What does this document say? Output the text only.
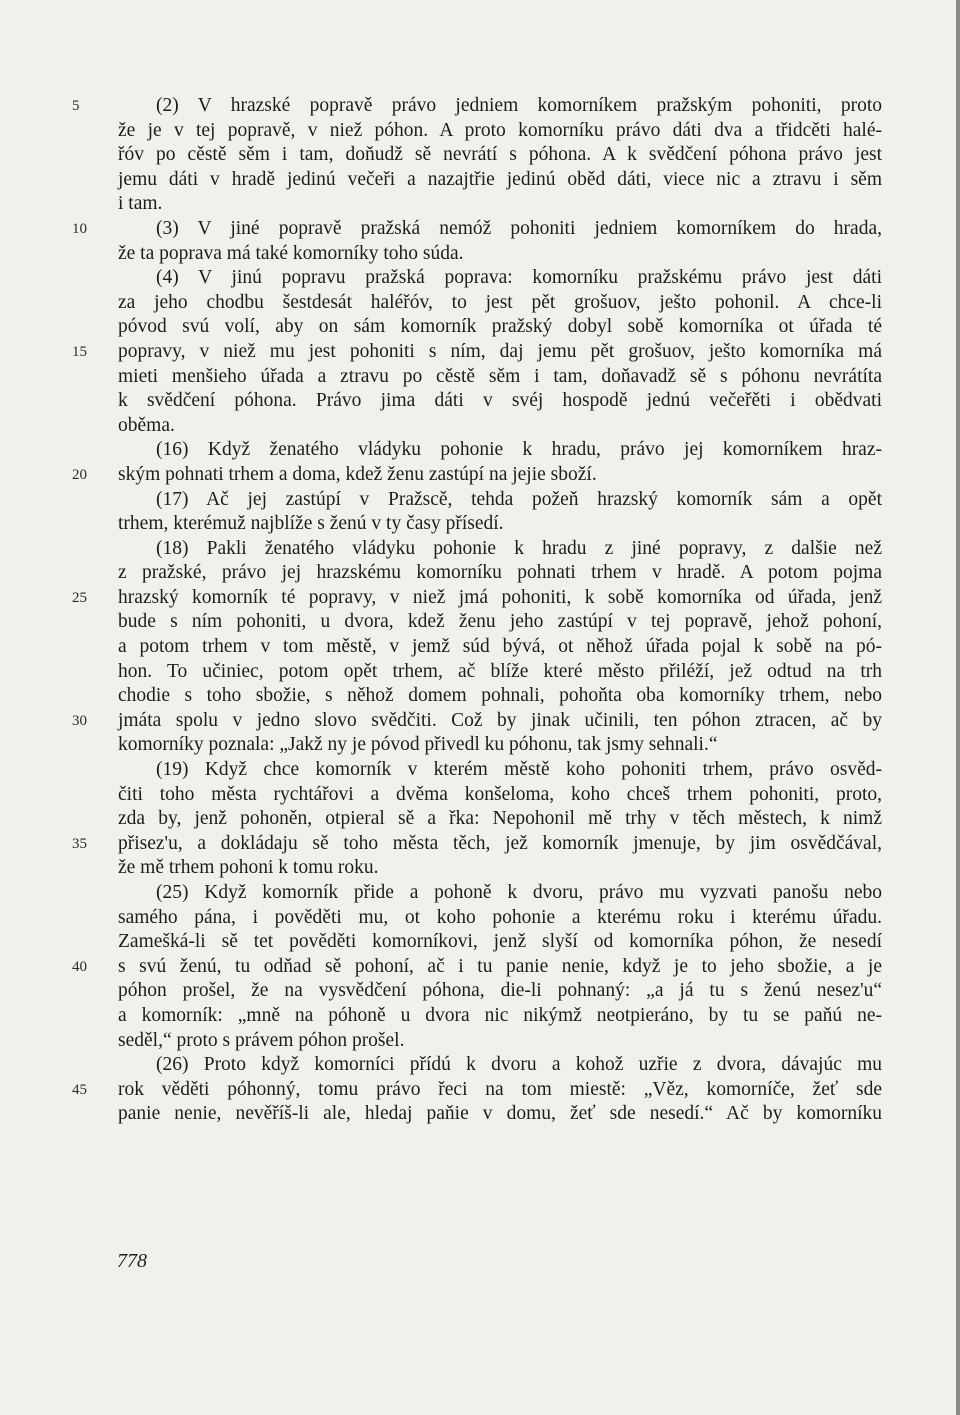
5
10
15
20
25
30
35
40
45
(2) V hrazské popravě právo jedniem komorníkem pražským pohoniti, proto
že je v tej popravě, v niež póhon. A proto komorníku právo dáti dva a třidcěti halé-
řóv po cěstě sěm i tam, doňudž sě nevrátí s póhona. A k svědčení póhona právo jest
jemu dáti v hradě jedinú večeři a nazajtřie jedinú oběd dáti, viece nic a ztravu i sěm
i tam.
(3) V jiné popravě pražská nemóž pohoniti jedniem komorníkem do hrada,
že ta poprava má také komorníky toho súda.
(4) V jinú popravu pražská poprava: komorníku pražskému právo jest dáti
za jeho chodbu šestdesát haléřóv, to jest pět grošuov, ješto pohonil. A chce-li
póvod svú volí, aby on sám komorník pražský dobyl sobě komorníka ot úřada té
popravy, v niež mu jest pohoniti s ním, daj jemu pět grošuov, ješto komorníka má
mieti menšieho úřada a ztravu po cěstě sěm i tam, doňavadž sě s póhonu nevrátíta
k svědčení póhona. Právo jima dáti v svéj hospodě jednú večeřěti i obědvati
oběma.
(16) Když ženatého vládyku pohonie k hradu, právo jej komorníkem hraz-
ským pohnati trhem a doma, kdež ženu zastúpí na jejie sboží.
(17) Ač jej zastúpí v Pražscě, tehda požeň hrazský komorník sám a opět
trhem, kterémuž najblíže s ženú v ty časy přísedí.
(18) Pakli ženatého vládyku pohonie k hradu z jiné popravy, z dalšie než
z pražské, právo jej hrazskému komorníku pohnati trhem v hradě. A potom pojma
hrazský komorník té popravy, v niež jmá pohoniti, k sobě komorníka od úřada, jenž
bude s ním pohoniti, u dvora, kdež ženu jeho zastúpí v tej popravě, jehož pohoní,
a potom trhem v tom městě, v jemž súd bývá, ot něhož úřada pojal k sobě na pó-
hon. To učiniec, potom opět trhem, ač blíže které město přiléží, jež odtud na trh
chodie s toho sbožie, s něhož domem pohnali, pohoňta oba komorníky trhem, nebo
jmáta spolu v jedno slovo svědčiti. Což by jinak učinili, ten póhon ztracen, ač by
komorníky poznala: „Jakž ny je póvod přivedl ku póhonu, tak jsmy sehnali.“
(19) Když chce komorník v kterém městě koho pohoniti trhem, právo osvěd-
čiti toho města rychtářovi a dvěma konšeloma, koho chceš trhem pohoniti, proto,
zda by, jenž pohoněn, otpieral sě a řka: Nepohonil mě trhy v těch městech, k nimž
přisez'u, a dokládaju sě toho města těch, jež komorník jmenuje, by jim osvědčával,
že mě trhem pohoni k tomu roku.
(25) Když komorník přide a pohoně k dvoru, právo mu vyzvati panošu nebo
samého pána, i pověděti mu, ot koho pohonie a kterému roku i kterému úřadu.
Zamešká-li sě tet pověděti komorníkovi, jenž slyší od komorníka póhon, že nesedí
s svú ženú, tu odňad sě pohoní, ač i tu panie nenie, když je to jeho sbožie, a je
póhon prošel, že na vysvědčení póhona, die-li pohnaný: „a já tu s ženú nesez'u“
a komorník: „mně na póhoně u dvora nic nikýmž neotpieráno, by tu se paňú ne-
seděl,“ proto s právem póhon prošel.
(26) Proto když komorníci přídú k dvoru a kohož uzřie z dvora, dávajúc mu
rok věděti póhonný, tomu právo řeci na tom miestě: „Věz, komorníče, žeť sde
panie nenie, nevěříš-li ale, hledaj paňie v domu, žeť sde nesedí.“ Ač by komorníku
778
